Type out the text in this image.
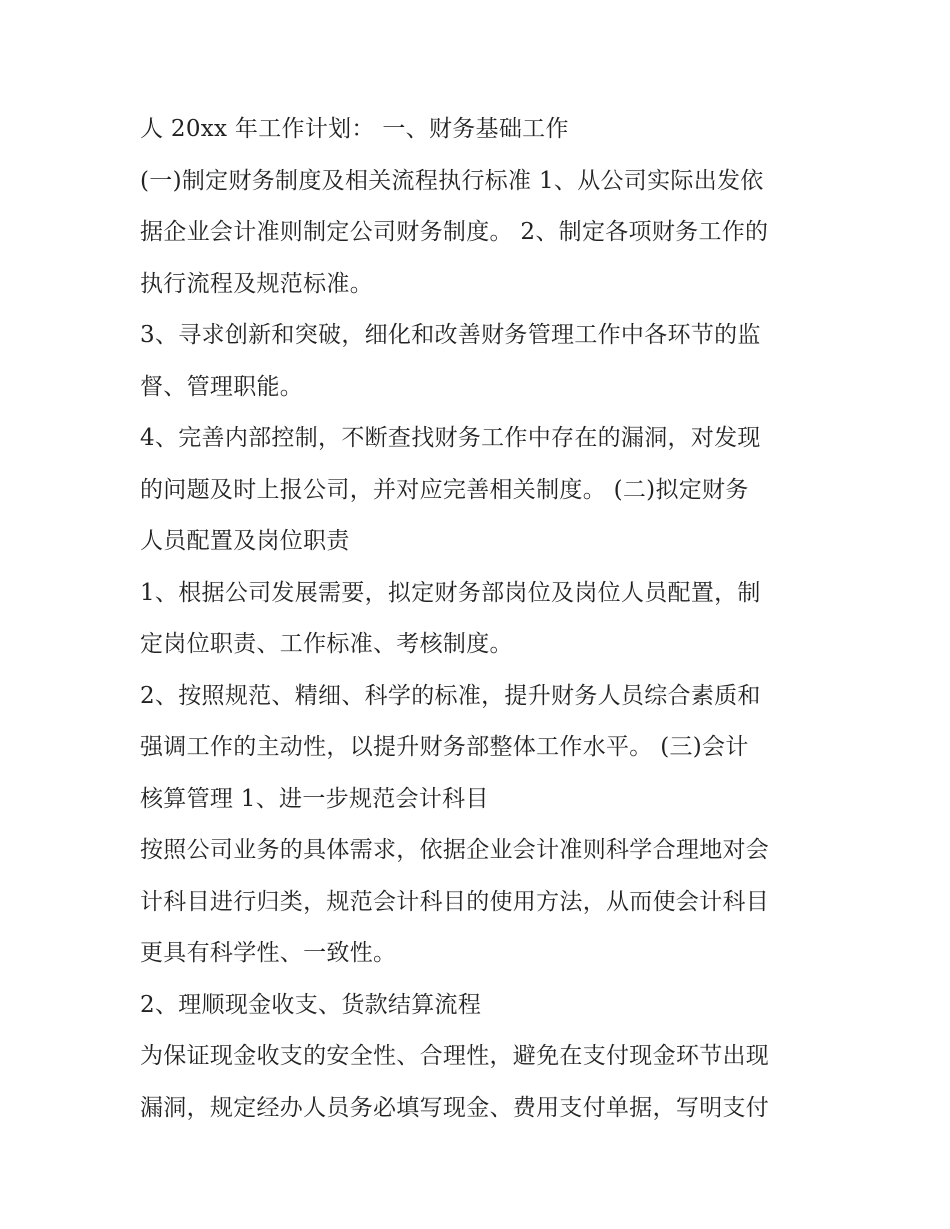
人 20xx 年工作计划： 一、财务基础工作
(一)制定财务制度及相关流程执行标准 1、从公司实际出发依
据企业会计准则制定公司财务制度。 2、制定各项财务工作的
执行流程及规范标准。
3、寻求创新和突破，细化和改善财务管理工作中各环节的监
督、管理职能。
4、完善内部控制，不断查找财务工作中存在的漏洞，对发现
的问题及时上报公司，并对应完善相关制度。 (二)拟定财务
人员配置及岗位职责
1、根据公司发展需要，拟定财务部岗位及岗位人员配置，制
定岗位职责、工作标准、考核制度。
2、按照规范、精细、科学的标准，提升财务人员综合素质和
强调工作的主动性，以提升财务部整体工作水平。 (三)会计
核算管理 1、进一步规范会计科目
按照公司业务的具体需求，依据企业会计准则科学合理地对会
计科目进行归类，规范会计科目的使用方法，从而使会计科目
更具有科学性、一致性。
2、理顺现金收支、货款结算流程
为保证现金收支的安全性、合理性，避免在支付现金环节出现
漏洞，规定经办人员务必填写现金、费用支付单据，写明支付
